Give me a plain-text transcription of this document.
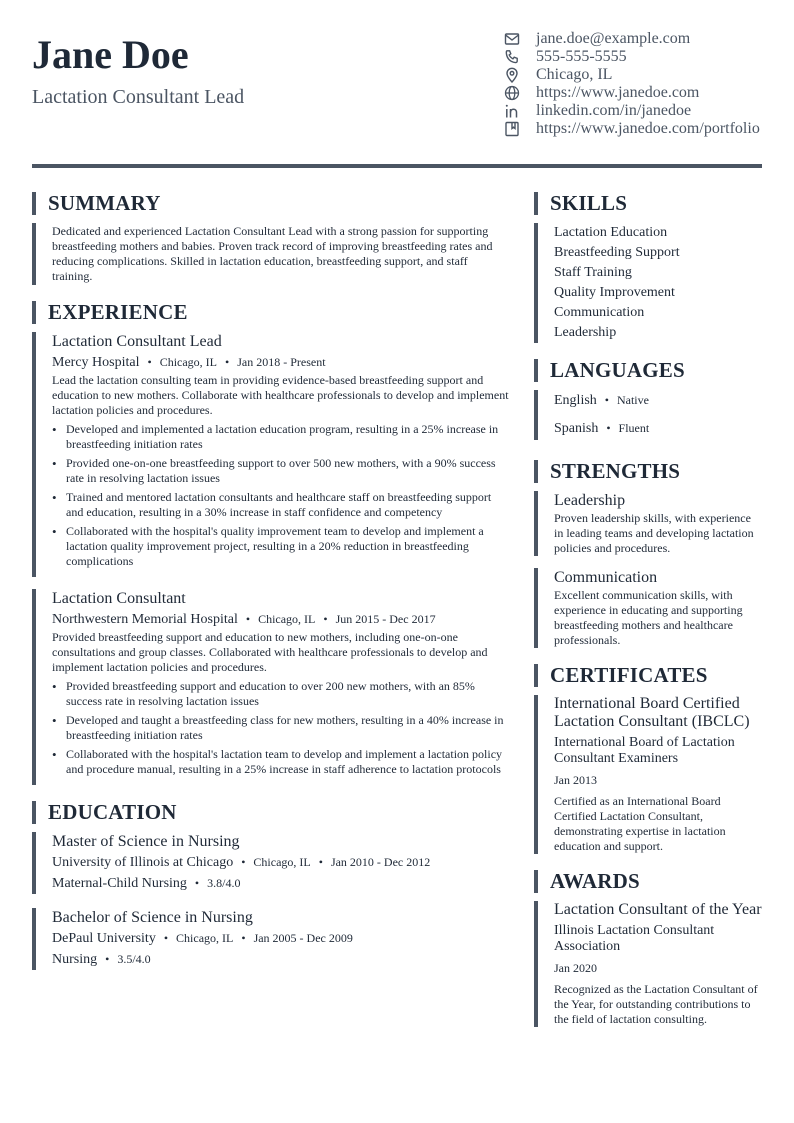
Jane Doe
Lactation Consultant Lead
jane.doe@example.com
555-555-5555
Chicago, IL
https://www.janedoe.com
linkedin.com/in/janedoe
https://www.janedoe.com/portfolio
SUMMARY
Dedicated and experienced Lactation Consultant Lead with a strong passion for supporting breastfeeding mothers and babies. Proven track record of improving breastfeeding rates and reducing complications. Skilled in lactation education, breastfeeding support, and staff training.
EXPERIENCE
Lactation Consultant Lead
Mercy Hospital • Chicago, IL • Jan 2018 - Present
Lead the lactation consulting team in providing evidence-based breastfeeding support and education to new mothers. Collaborate with healthcare professionals to develop and implement lactation policies and procedures.
• Developed and implemented a lactation education program, resulting in a 25% increase in breastfeeding initiation rates
• Provided one-on-one breastfeeding support to over 500 new mothers, with a 90% success rate in resolving lactation issues
• Trained and mentored lactation consultants and healthcare staff on breastfeeding support and education, resulting in a 30% increase in staff confidence and competency
• Collaborated with the hospital's quality improvement team to develop and implement a lactation quality improvement project, resulting in a 20% reduction in breastfeeding complications
Lactation Consultant
Northwestern Memorial Hospital • Chicago, IL • Jun 2015 - Dec 2017
Provided breastfeeding support and education to new mothers, including one-on-one consultations and group classes. Collaborated with healthcare professionals to develop and implement lactation policies and procedures.
• Provided breastfeeding support and education to over 200 new mothers, with an 85% success rate in resolving lactation issues
• Developed and taught a breastfeeding class for new mothers, resulting in a 40% increase in breastfeeding initiation rates
• Collaborated with the hospital's lactation team to develop and implement a lactation policy and procedure manual, resulting in a 25% increase in staff adherence to lactation protocols
EDUCATION
Master of Science in Nursing
University of Illinois at Chicago • Chicago, IL • Jan 2010 - Dec 2012
Maternal-Child Nursing • 3.8/4.0
Bachelor of Science in Nursing
DePaul University • Chicago, IL • Jan 2005 - Dec 2009
Nursing • 3.5/4.0
SKILLS
Lactation Education
Breastfeeding Support
Staff Training
Quality Improvement
Communication
Leadership
LANGUAGES
English • Native
Spanish • Fluent
STRENGTHS
Leadership
Proven leadership skills, with experience in leading teams and developing lactation policies and procedures.
Communication
Excellent communication skills, with experience in educating and supporting breastfeeding mothers and healthcare professionals.
CERTIFICATES
International Board Certified Lactation Consultant (IBCLC)
International Board of Lactation Consultant Examiners
Jan 2013
Certified as an International Board Certified Lactation Consultant, demonstrating expertise in lactation education and support.
AWARDS
Lactation Consultant of the Year
Illinois Lactation Consultant Association
Jan 2020
Recognized as the Lactation Consultant of the Year, for outstanding contributions to the field of lactation consulting.
